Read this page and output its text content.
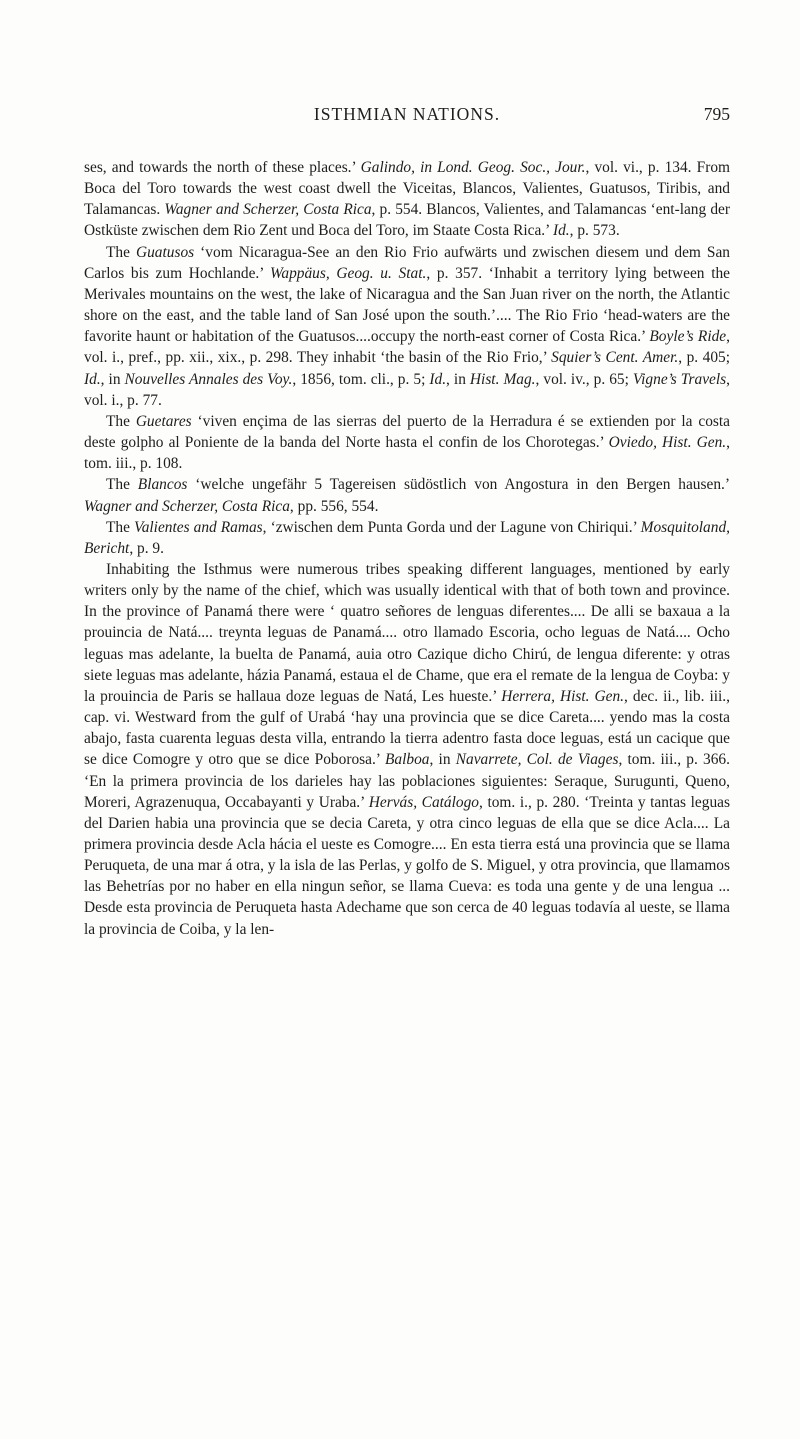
ISTHMIAN NATIONS.	795

ses, and towards the north of these places.’ Galindo, in Lond. Geog. Soc., Jour., vol. vi., p. 134. From Boca del Toro towards the west coast dwell the Viceitas, Blancos, Valientes, Guatusos, Tiribis, and Talamancas. Wagner and Scherzer, Costa Rica, p. 554. Blancos, Valientes, and Talamancas ‘ent-lang der Ostküste zwischen dem Rio Zent und Boca del Toro, im Staate Costa Rica.’ Id., p. 573.

The Guatusos ‘vom Nicaragua-See an den Rio Frio aufwärts und zwischen diesem und dem San Carlos bis zum Hochlande.’ Wappäus, Geog. u. Stat., p. 357. ‘Inhabit a territory lying between the Merivales mountains on the west, the lake of Nicaragua and the San Juan river on the north, the Atlantic shore on the east, and the table land of San José upon the south.’.... The Rio Frio ‘head-waters are the favorite haunt or habitation of the Guatusos....occupy the north-east corner of Costa Rica.’ Boyle’s Ride, vol. i., pref., pp. xii., xix., p. 298. They inhabit ‘the basin of the Rio Frio,’ Squier’s Cent. Amer., p. 405; Id., in Nouvelles Annales des Voy., 1856, tom. cli., p. 5; Id., in Hist. Mag., vol. iv., p. 65; Vigne’s Travels, vol. i., p. 77.

The Guetares ‘viven ençima de las sierras del puerto de la Herradura é se extienden por la costa deste golpho al Poniente de la banda del Norte hasta el confin de los Chorotegas.’ Oviedo, Hist. Gen., tom. iii., p. 108.

The Blancos ‘welche ungefähr 5 Tagereisen südöstlich von Angostura in den Bergen hausen.’ Wagner and Scherzer, Costa Rica, pp. 556, 554.

The Valientes and Ramas, ‘zwischen dem Punta Gorda und der Lagune von Chiriqui.’ Mosquitoland, Bericht, p. 9.

Inhabiting the Isthmus were numerous tribes speaking different languages, mentioned by early writers only by the name of the chief, which was usually identical with that of both town and province. In the province of Panamá there were ‘ quatro señores de lenguas diferentes.... De alli se baxaua a la prouincia de Natá.... treynta leguas de Panamá.... otro llamado Escoria, ocho leguas de Natá.... Ocho leguas mas adelante, la buelta de Panamá, auia otro Cazique dicho Chirú, de lengua diferente: y otras siete leguas mas adelante, házia Panamá, estaua el de Chame, que era el remate de la lengua de Coyba: y la prouincia de Paris se hallaua doze leguas de Natá, Les hueste.’ Herrera, Hist. Gen., dec. ii., lib. iii., cap. vi. Westward from the gulf of Urabá ‘hay una provincia que se dice Careta.... yendo mas la costa abajo, fasta cuarenta leguas desta villa, entrando la tierra adentro fasta doce leguas, está un cacique que se dice Comogre y otro que se dice Poborosa.’ Balboa, in Navarrete, Col. de Viages, tom. iii., p. 366. ‘En la primera provincia de los darieles hay las poblaciones siguientes: Seraque, Surugunti, Queno, Moreri, Agrazenuqua, Occabayanti y Uraba.’ Hervás, Catálogo, tom. i., p. 280. ‘Treinta y tantas leguas del Darien habia una provincia que se decia Careta, y otra cinco leguas de ella que se dice Acla.... La primera provincia desde Acla hácia el ueste es Comogre.... En esta tierra está una provincia que se llama Peruqueta, de una mar á otra, y la isla de las Perlas, y golfo de S. Miguel, y otra provincia, que llamamos las Behetrías por no haber en ella ningun señor, se llama Cueva: es toda una gente y de una lengua ... Desde esta provincia de Peruqueta hasta Adechame que son cerca de 40 leguas todavía al ueste, se llama la provincia de Coiba, y la len-
